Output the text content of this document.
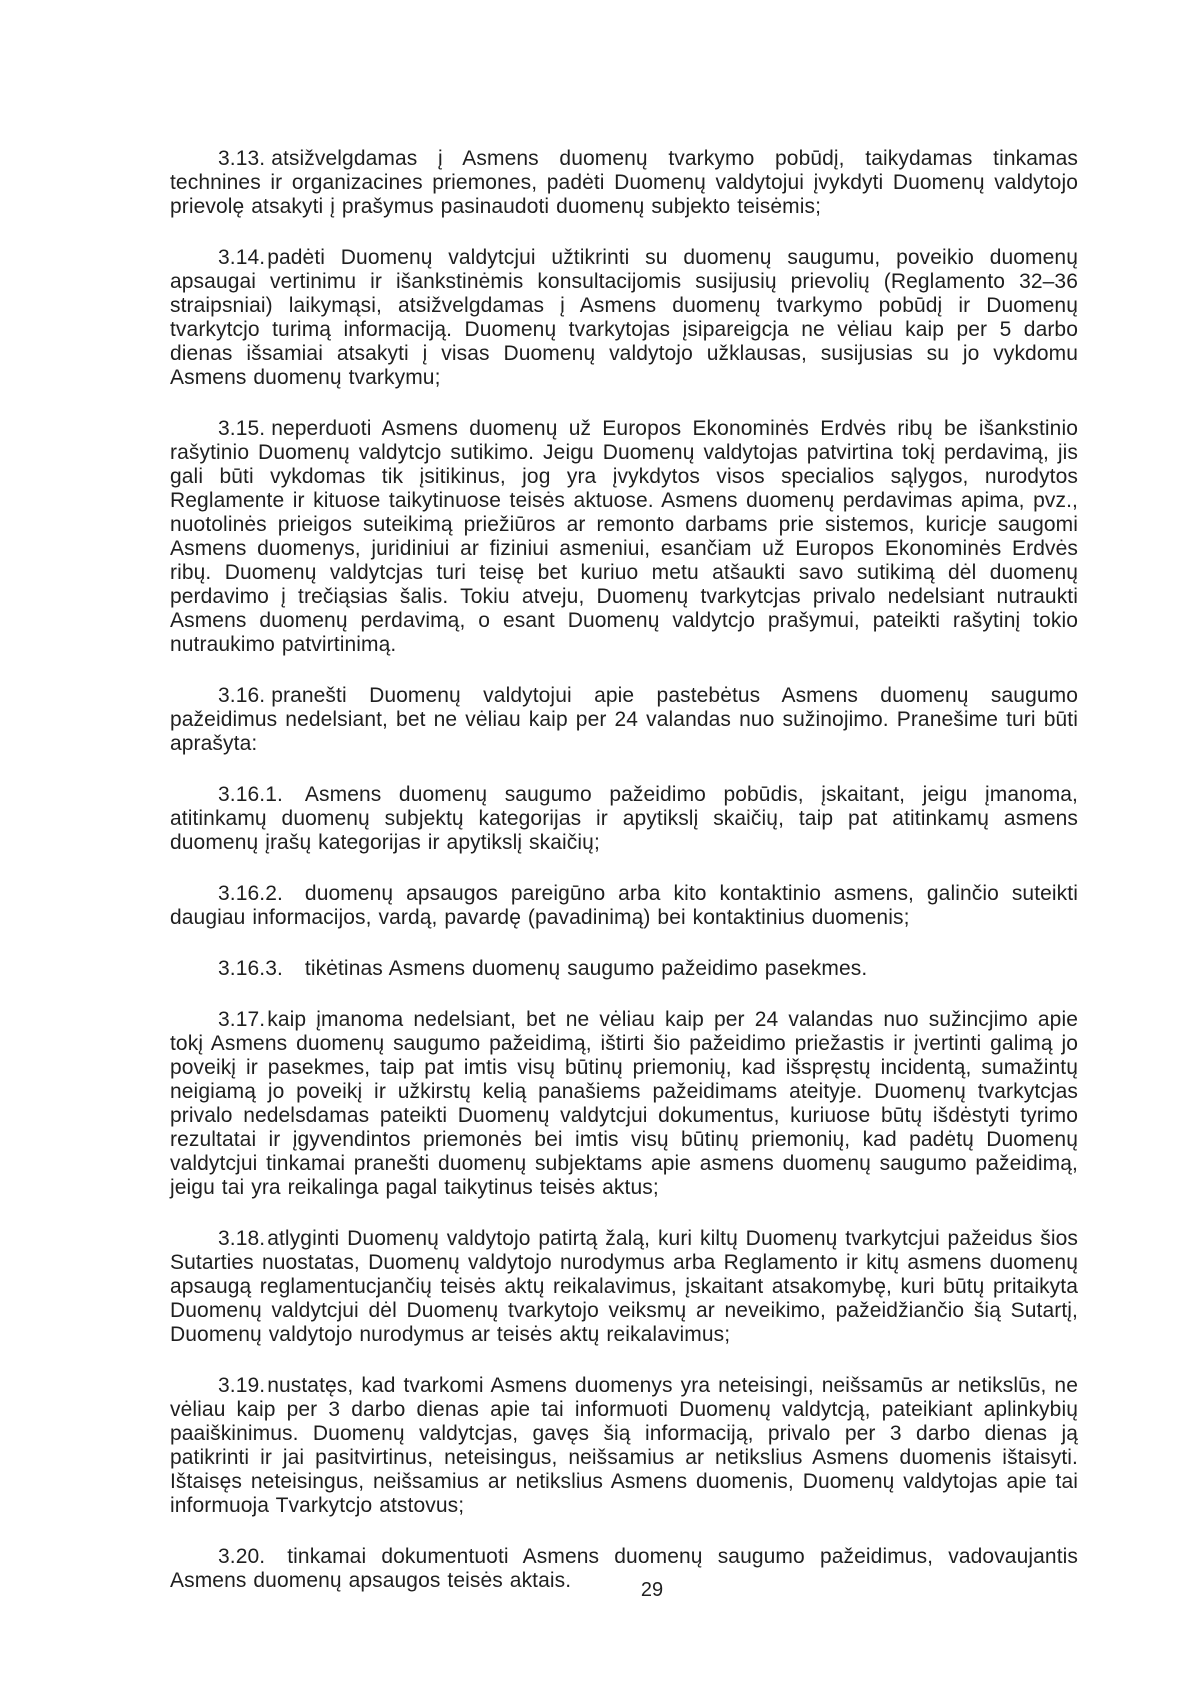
3.13. atsižvelgdamas į Asmens duomenų tvarkymo pobūdį, taikydamas tinkamas technines ir organizacines priemones, padėti Duomenų valdytojui įvykdyti Duomenų valdytojo prievolę atsakyti į prašymus pasinaudoti duomenų subjekto teisėmis;

3.14.padėti Duomenų valdytcjui užtikrinti su duomenų saugumu, poveikio duomenų apsaugai vertinimu ir išankstinėmis konsultacijomis susijusių prievolių (Reglamento 32–36 straipsniai) laikymąsi, atsižvelgdamas į Asmens duomenų tvarkymo pobūdį ir Duomenų tvarkytcjo turimą informaciją. Duomenų tvarkytojas įsipareigcja ne vėliau kaip per 5 darbo dienas išsamiai atsakyti į visas Duomenų valdytojo užklausas, susijusias su jo vykdomu Asmens duomenų tvarkymu;

3.15. neperduoti Asmens duomenų už Europos Ekonominės Erdvės ribų be išankstinio rašytinio Duomenų valdytcjo sutikimo. Jeigu Duomenų valdytojas patvirtina tokį perdavimą, jis gali būti vykdomas tik įsitikinus, jog yra įvykdytos visos specialios sąlygos, nurodytos Reglamente ir kituose taikytinuose teisės aktuose. Asmens duomenų perdavimas apima, pvz., nuotolinės prieigos suteikimą priežiūros ar remonto darbams prie sistemos, kuricje saugomi Asmens duomenys, juridiniui ar fiziniui asmeniui, esančiam už Europos Ekonominės Erdvės ribų. Duomenų valdytcjas turi teisę bet kuriuo metu atšaukti savo sutikimą dėl duomenų perdavimo į trečiąsias šalis. Tokiu atveju, Duomenų tvarkytcjas privalo nedelsiant nutraukti Asmens duomenų perdavimą, o esant Duomenų valdytcjo prašymui, pateikti rašytinį tokio nutraukimo patvirtinimą.

3.16. pranešti Duomenų valdytojui apie pastebėtus Asmens duomenų saugumo pažeidimus nedelsiant, bet ne vėliau kaip per 24 valandas nuo sužinojimo. Pranešime turi būti aprašyta:

3.16.1. Asmens duomenų saugumo pažeidimo pobūdis, įskaitant, jeigu įmanoma, atitinkamų duomenų subjektų kategorijas ir apytikslį skaičių, taip pat atitinkamų asmens duomenų įrašų kategorijas ir apytikslį skaičių;

3.16.2. duomenų apsaugos pareigūno arba kito kontaktinio asmens, galinčio suteikti daugiau informacijos, vardą, pavardę (pavadinimą) bei kontaktinius duomenis;

3.16.3. tikėtinas Asmens duomenų saugumo pažeidimo pasekmes.

3.17.kaip įmanoma nedelsiant, bet ne vėliau kaip per 24 valandas nuo sužincjimo apie tokį Asmens duomenų saugumo pažeidimą, ištirti šio pažeidimo priežastis ir įvertinti galimą jo poveikį ir pasekmes, taip pat imtis visų būtinų priemonių, kad išspręstų incidentą, sumažintų neigiamą jo poveikį ir užkirstų kelią panašiems pažeidimams ateityje. Duomenų tvarkytcjas privalo nedelsdamas pateikti Duomenų valdytcjui dokumentus, kuriuose būtų išdėstyti tyrimo rezultatai ir įgyvendintos priemonės bei imtis visų būtinų priemonių, kad padėtų Duomenų valdytcjui tinkamai pranešti duomenų subjektams apie asmens duomenų saugumo pažeidimą, jeigu tai yra reikalinga pagal taikytinus teisės aktus;

3.18.atlyginti Duomenų valdytojo patirtą žalą, kuri kiltų Duomenų tvarkytcjui pažeidus šios Sutarties nuostatas, Duomenų valdytojo nurodymus arba Reglamento ir kitų asmens duomenų apsaugą reglamentucjančių teisės aktų reikalavimus, įskaitant atsakomybę, kuri būtų pritaikyta Duomenų valdytcjui dėl Duomenų tvarkytojo veiksmų ar neveikimo, pažeidžiančio šią Sutartį, Duomenų valdytojo nurodymus ar teisės aktų reikalavimus;

3.19.nustatęs, kad tvarkomi Asmens duomenys yra neteisingi, neišsamūs ar netikslūs, ne vėliau kaip per 3 darbo dienas apie tai informuoti Duomenų valdytcją, pateikiant aplinkybių paaiškinimus. Duomenų valdytcjas, gavęs šią informaciją, privalo per 3 darbo dienas ją patikrinti ir jai pasitvirtinus, neteisingus, neišsamius ar netikslius Asmens duomenis ištaisyti. Ištaisęs neteisingus, neišsamius ar netikslius Asmens duomenis, Duomenų valdytojas apie tai informuoja Tvarkytcjo atstovus;

3.20. tinkamai dokumentuoti Asmens duomenų saugumo pažeidimus, vadovaujantis Asmens duomenų apsaugos teisės aktais.	29
